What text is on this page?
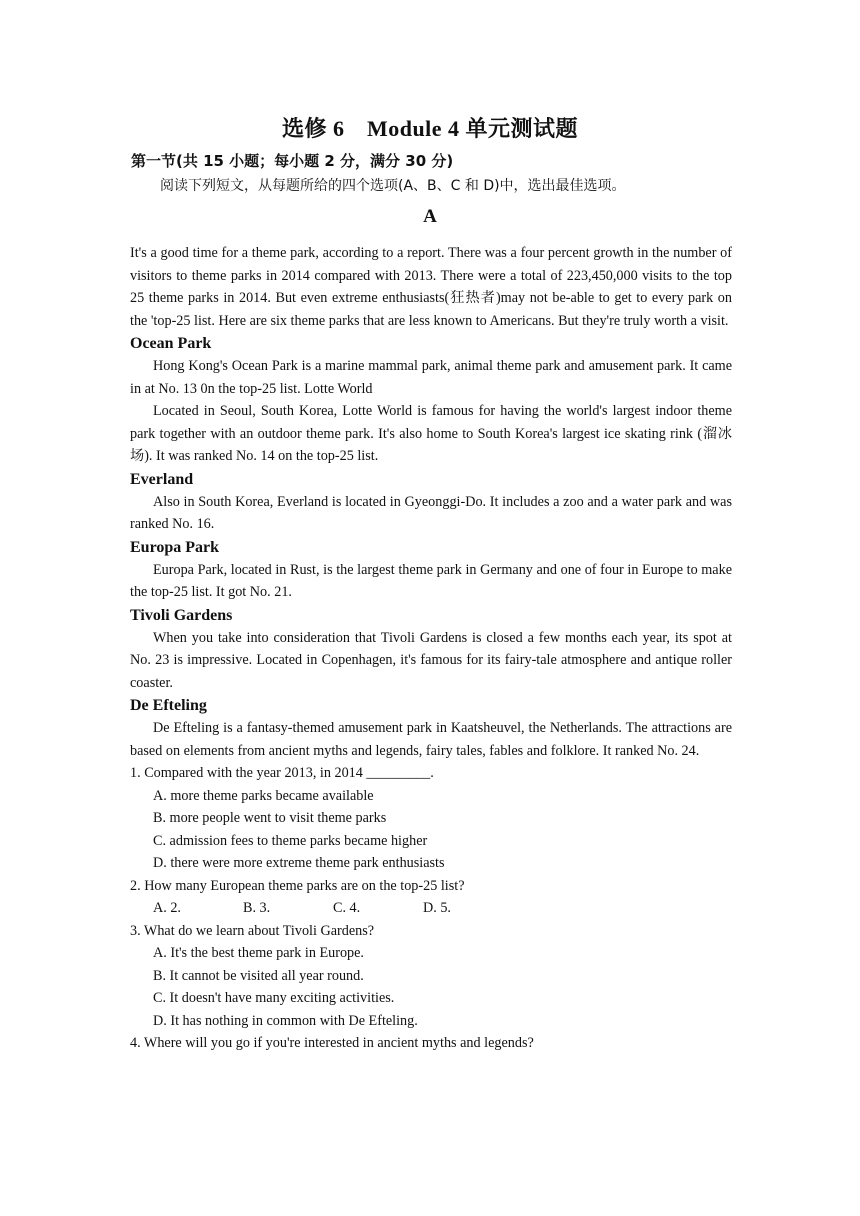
选修 6　Module 4 单元测试题
第一节(共 15 小题；每小题 2 分，满分 30 分)
阅读下列短文，从每题所给的四个选项(A、B、C 和 D)中，选出最佳选项。
A

It's a good time for a theme park, according to a report. There was a four percent growth in the number of visitors to theme parks in 2014 compared with 2013. There were a total of 223,450,000 visits to the top 25 theme parks in 2014. But even extreme enthusiasts(狂热者)may not be-able to get to every park on the 'top-25 list. Here are six theme parks that are less known to Americans. But they're truly worth a visit.

Ocean Park

Hong Kong's Ocean Park is a marine mammal park, animal theme park and amusement park. It came in at No. 13 0n the top-25 list. Lotte World

Located in Seoul, South Korea, Lotte World is famous for having the world's largest indoor theme park together with an outdoor theme park. It's also home to South Korea's largest ice skating rink (溜冰场). It was ranked No. 14 on the top-25 list.

Everland

Also in South Korea, Everland is located in Gyeonggi-Do. It includes a zoo and a water park and was ranked No. 16.

Europa Park

Europa Park, located in Rust, is the largest theme park in Germany and one of four in Europe to make the top-25 list. It got No. 21.

Tivoli Gardens

When you take into consideration that Tivoli Gardens is closed a few months each year, its spot at No. 23 is impressive. Located in Copenhagen, it's famous for its fairy-tale atmosphere and antique roller coaster.

De Efteling

De Efteling is a fantasy-themed amusement park in Kaatsheuvel, the Netherlands. The attractions are based on elements from ancient myths and legends, fairy tales, fables and folklore. It ranked No. 24.

1. Compared with the year 2013, in 2014 _________.

A. more theme parks became available

B. more people went to visit theme parks

C. admission fees to theme parks became higher

D. there were more extreme theme park enthusiasts

2. How many European theme parks are on the top-25 list?

A. 2.	B. 3.	C. 4.	D. 5.

3. What do we learn about Tivoli Gardens?

A. It's the best theme park in Europe.

B. It cannot be visited all year round.

C. It doesn't have many exciting activities.

D. It has nothing in common with De Efteling.

4. Where will you go if you're interested in ancient myths and legends?
